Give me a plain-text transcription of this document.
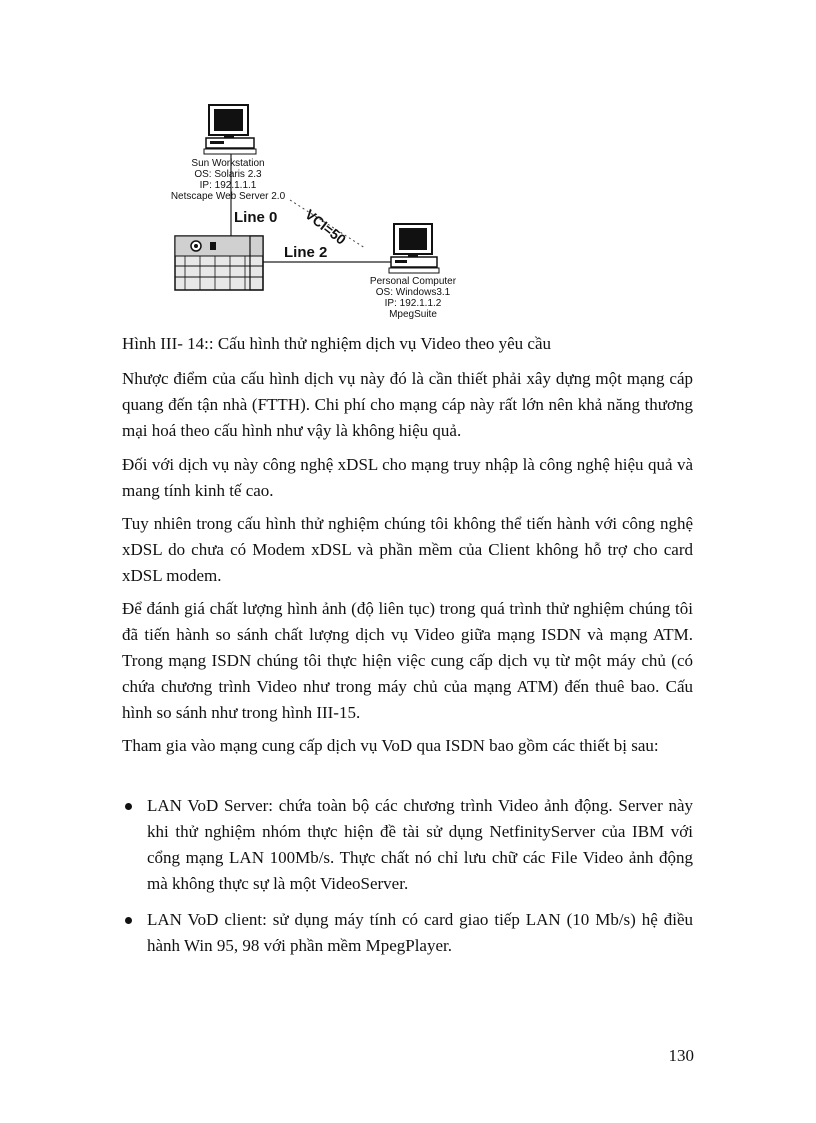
Sun Workstation
OS: Solaris 2.3
IP: 192.1.1.1
Netscape Web Server 2.0
Line 0
Line 2
VCI=50
Personal Computer
OS: Windows3.1
IP: 192.1.1.2
MpegSuite
Hình III- 14:: Cấu hình thử nghiệm dịch vụ Video theo yêu cầu

Nhược điểm của cấu hình dịch vụ này đó là cần thiết phải xây dựng một mạng cáp quang đến tận nhà (FTTH). Chi phí cho mạng cáp này rất lớn nên khả năng thương mại hoá theo cấu hình như vậy là không hiệu quả.

Đối với dịch vụ này công nghệ xDSL cho mạng truy nhập là công nghệ hiệu quả và mang tính kinh tế cao.

Tuy nhiên trong cấu hình thử nghiệm chúng tôi không thể tiến hành với công nghệ xDSL do chưa có Modem xDSL và phần mềm của Client không hỗ trợ cho card xDSL modem.

Để đánh giá chất lượng hình ảnh (độ liên tục) trong quá trình thử nghiệm chúng tôi đã tiến hành so sánh chất lượng dịch vụ Video giữa mạng ISDN và mạng ATM. Trong mạng ISDN chúng tôi thực hiện việc cung cấp dịch vụ từ một máy chủ (có chứa chương trình Video như trong máy chủ của mạng ATM) đến thuê bao. Cấu hình so sánh như trong hình III-15.

Tham gia vào mạng cung cấp dịch vụ VoD qua ISDN bao gồm các thiết bị sau:

LAN VoD Server: chứa toàn bộ các chương trình Video ảnh động. Server này khi thử nghiệm nhóm thực hiện đề tài sử dụng NetfinityServer của IBM với cổng mạng LAN 100Mb/s. Thực chất nó chỉ lưu chữ các File Video ảnh động mà không thực sự là một VideoServer.
LAN VoD client: sử dụng máy tính có card giao tiếp LAN (10 Mb/s) hệ điều hành Win 95, 98 với phần mềm MpegPlayer.
130
